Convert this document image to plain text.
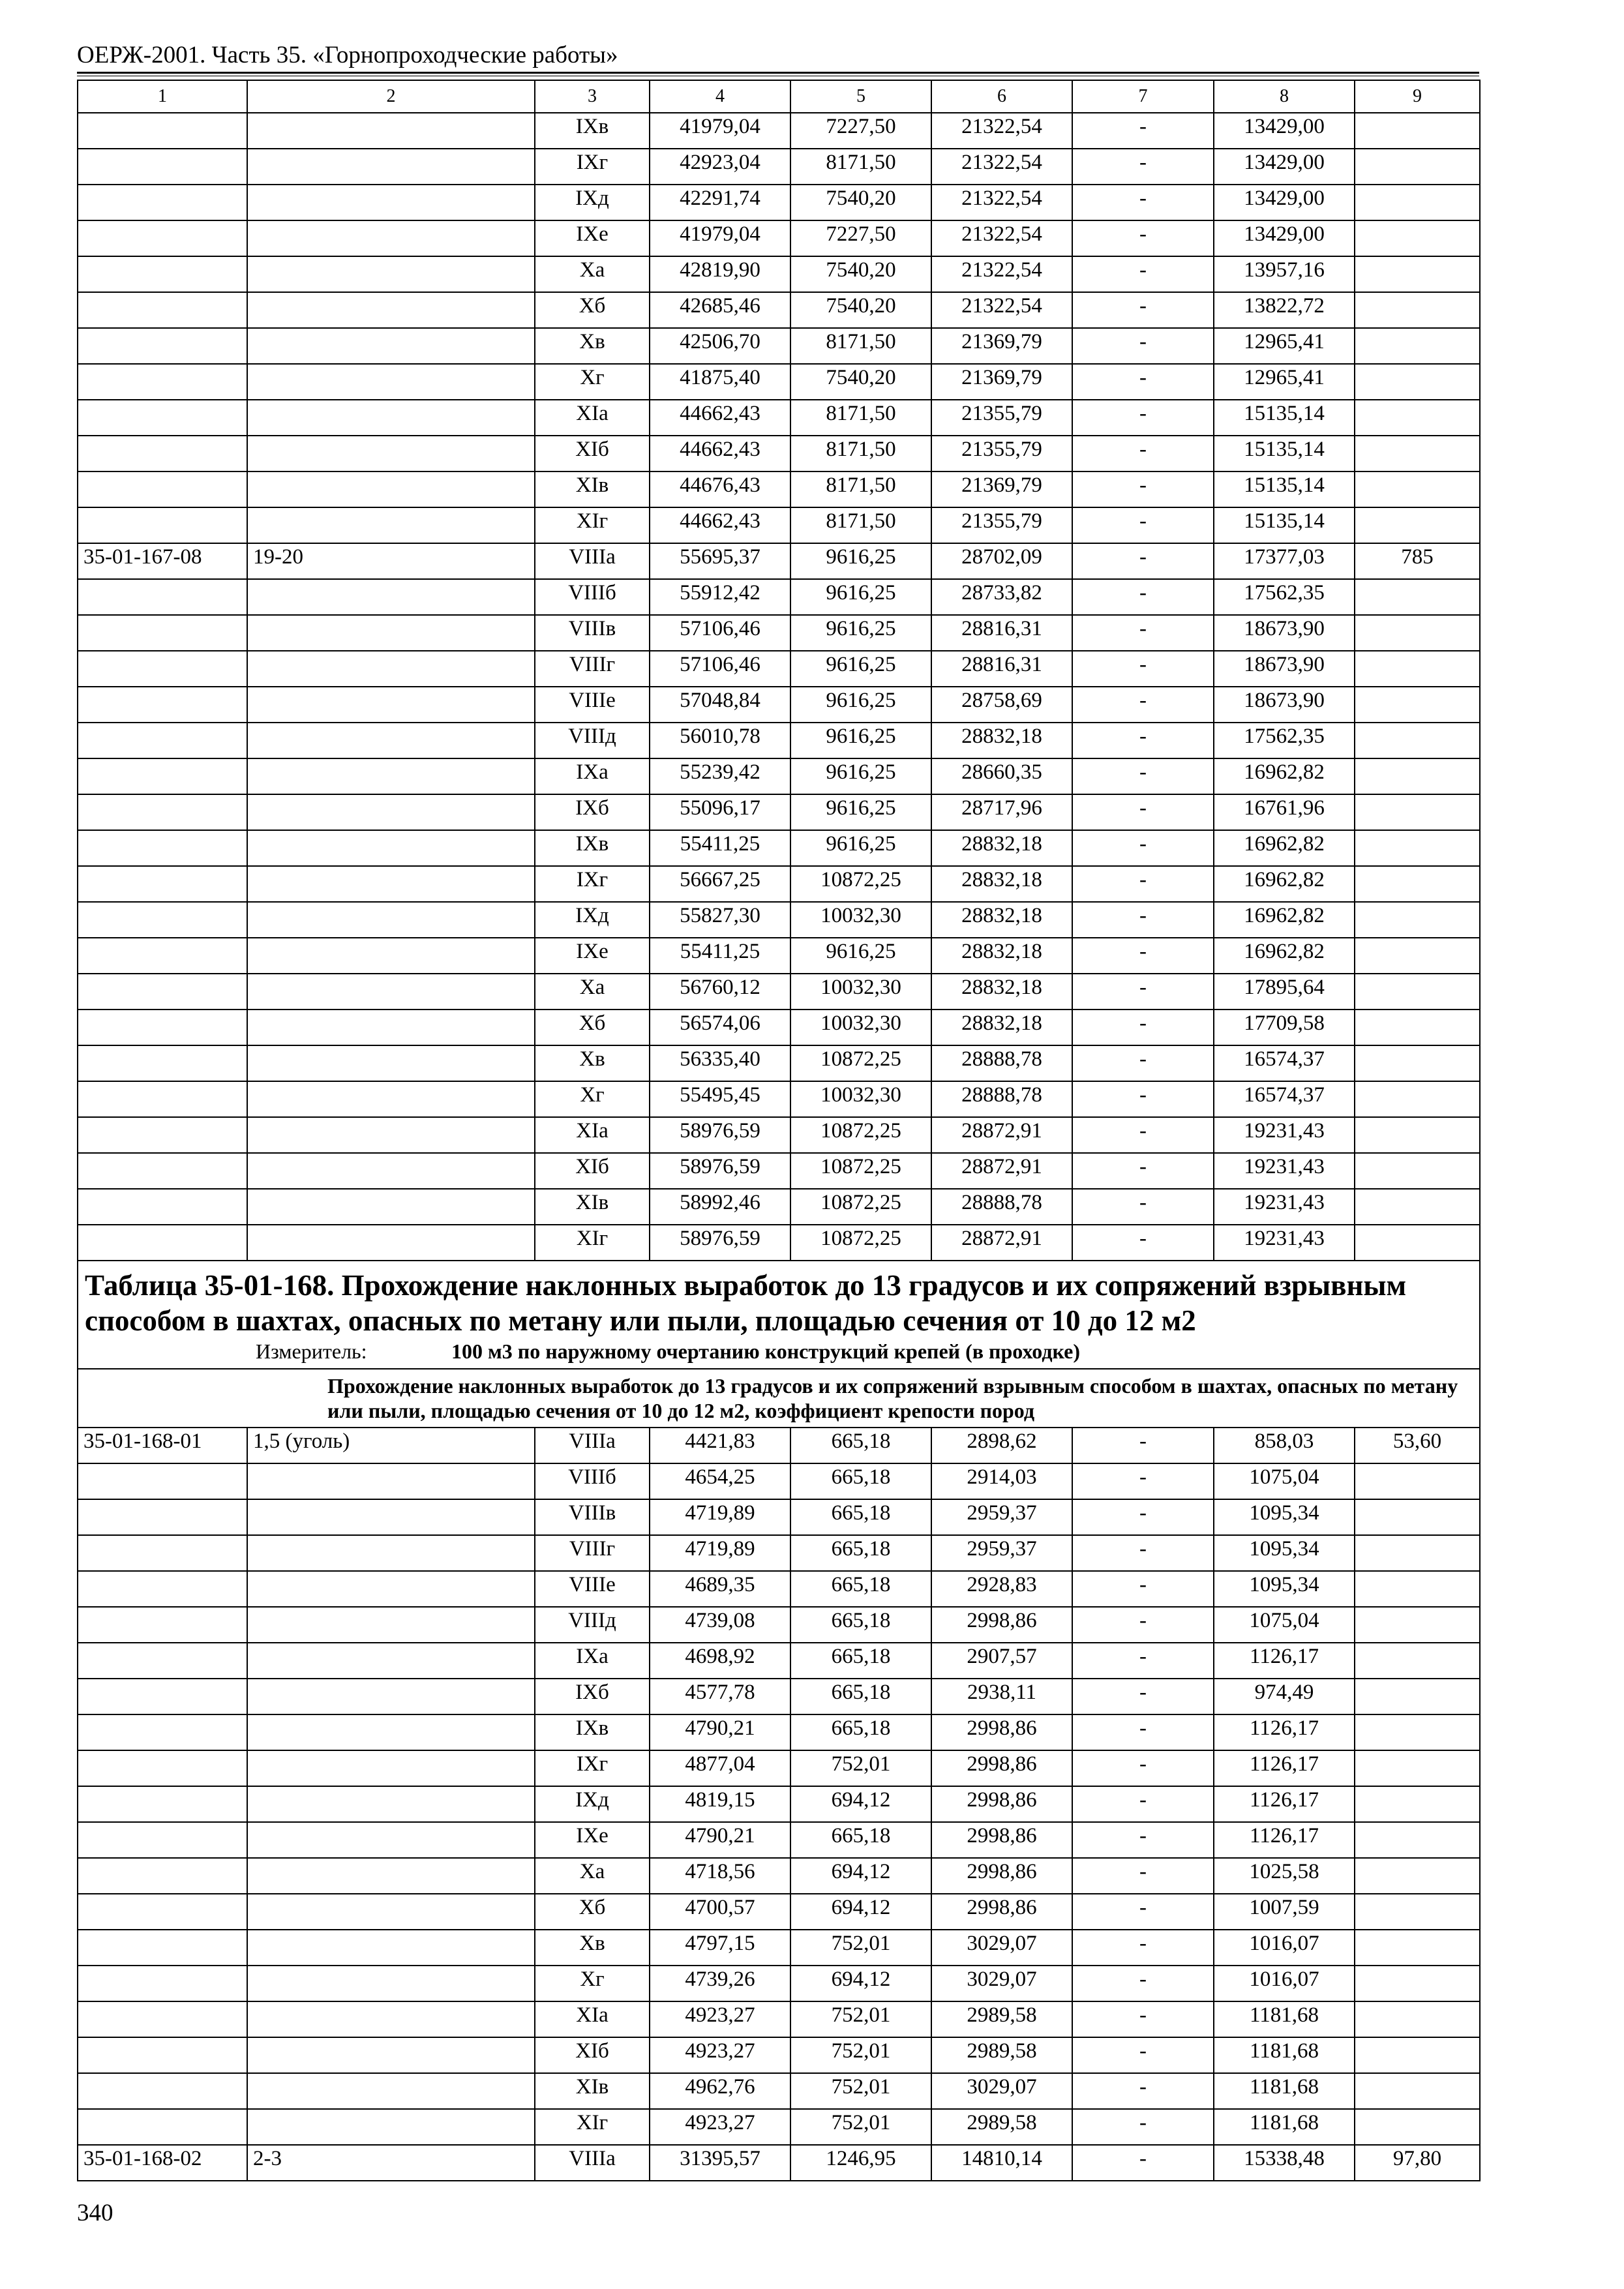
ОЕРЖ-2001. Часть 35. «Горнопроходческие работы»
1	2	3	4	5	6	7	8	9
		IXв	41979,04	7227,50	21322,54	-	13429,00	
		IXг	42923,04	8171,50	21322,54	-	13429,00	
		IXд	42291,74	7540,20	21322,54	-	13429,00	
		IXе	41979,04	7227,50	21322,54	-	13429,00	
		Xа	42819,90	7540,20	21322,54	-	13957,16	
		Xб	42685,46	7540,20	21322,54	-	13822,72	
		Xв	42506,70	8171,50	21369,79	-	12965,41	
		Xг	41875,40	7540,20	21369,79	-	12965,41	
		XIа	44662,43	8171,50	21355,79	-	15135,14	
		XIб	44662,43	8171,50	21355,79	-	15135,14	
		XIв	44676,43	8171,50	21369,79	-	15135,14	
		XIг	44662,43	8171,50	21355,79	-	15135,14	
35-01-167-08	19-20	VIIIа	55695,37	9616,25	28702,09	-	17377,03	785
		VIIIб	55912,42	9616,25	28733,82	-	17562,35	
		VIIIв	57106,46	9616,25	28816,31	-	18673,90	
		VIIIг	57106,46	9616,25	28816,31	-	18673,90	
		VIIIе	57048,84	9616,25	28758,69	-	18673,90	
		VIIIд	56010,78	9616,25	28832,18	-	17562,35	
		IXа	55239,42	9616,25	28660,35	-	16962,82	
		IXб	55096,17	9616,25	28717,96	-	16761,96	
		IXв	55411,25	9616,25	28832,18	-	16962,82	
		IXг	56667,25	10872,25	28832,18	-	16962,82	
		IXд	55827,30	10032,30	28832,18	-	16962,82	
		IXе	55411,25	9616,25	28832,18	-	16962,82	
		Xа	56760,12	10032,30	28832,18	-	17895,64	
		Xб	56574,06	10032,30	28832,18	-	17709,58	
		Xв	56335,40	10872,25	28888,78	-	16574,37	
		Xг	55495,45	10032,30	28888,78	-	16574,37	
		XIа	58976,59	10872,25	28872,91	-	19231,43	
		XIб	58976,59	10872,25	28872,91	-	19231,43	
		XIв	58992,46	10872,25	28888,78	-	19231,43	
		XIг	58976,59	10872,25	28872,91	-	19231,43	
Таблица 35-01-168. Прохождение наклонных выработок до 13 градусов и их сопряжений взрывным способом в шахтах, опасных по метану или пыли, площадью сечения от 10 до 12 м2								
Измеритель: 100 м3 по наружному очертанию конструкций крепей (в проходке)								
Прохождение наклонных выработок до 13 градусов и их сопряжений взрывным способом в шахтах, опасных по метану или пыли, площадью сечения от 10 до 12 м2, коэффициент крепости пород								
35-01-168-01	1,5 (уголь)	VIIIа	4421,83	665,18	2898,62	-	858,03	53,60
		VIIIб	4654,25	665,18	2914,03	-	1075,04	
		VIIIв	4719,89	665,18	2959,37	-	1095,34	
		VIIIг	4719,89	665,18	2959,37	-	1095,34	
		VIIIе	4689,35	665,18	2928,83	-	1095,34	
		VIIIд	4739,08	665,18	2998,86	-	1075,04	
		IXа	4698,92	665,18	2907,57	-	1126,17	
		IXб	4577,78	665,18	2938,11	-	974,49	
		IXв	4790,21	665,18	2998,86	-	1126,17	
		IXг	4877,04	752,01	2998,86	-	1126,17	
		IXд	4819,15	694,12	2998,86	-	1126,17	
		IXе	4790,21	665,18	2998,86	-	1126,17	
		Xа	4718,56	694,12	2998,86	-	1025,58	
		Xб	4700,57	694,12	2998,86	-	1007,59	
		Xв	4797,15	752,01	3029,07	-	1016,07	
		Xг	4739,26	694,12	3029,07	-	1016,07	
		XIа	4923,27	752,01	2989,58	-	1181,68	
		XIб	4923,27	752,01	2989,58	-	1181,68	
		XIв	4962,76	752,01	3029,07	-	1181,68	
		XIг	4923,27	752,01	2989,58	-	1181,68	
35-01-168-02	2-3	VIIIа	31395,57	1246,95	14810,14	-	15338,48	97,80
340
